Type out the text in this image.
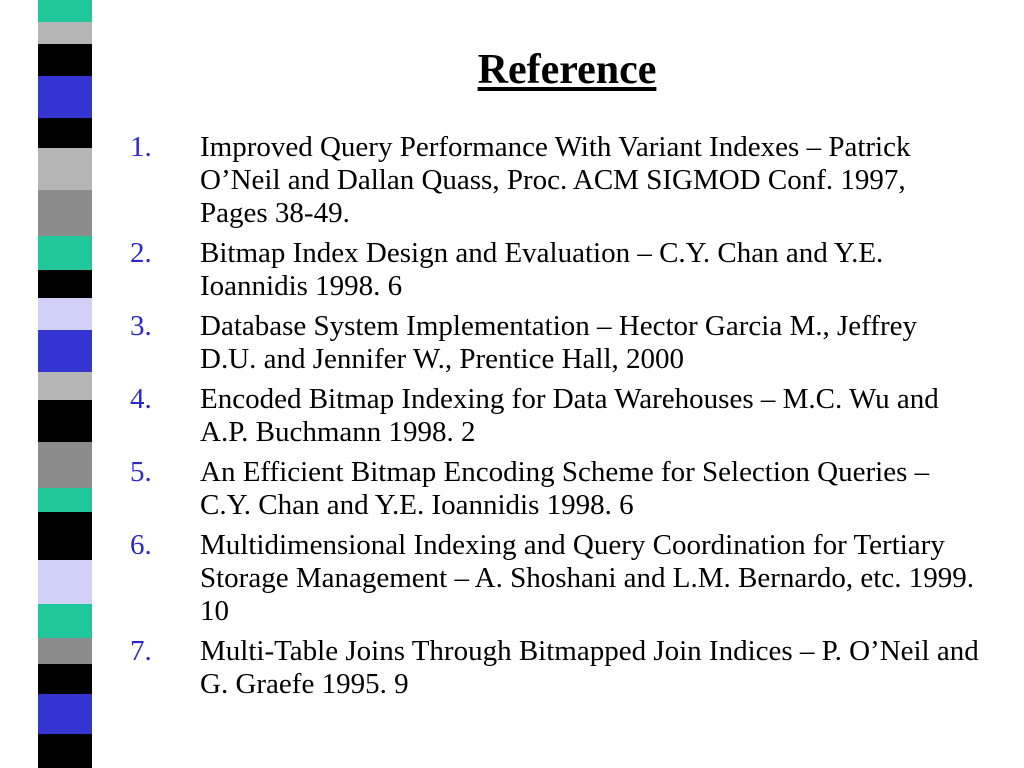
Reference
1.	Improved Query Performance With Variant Indexes – Patrick O’Neil and Dallan Quass, Proc. ACM SIGMOD Conf. 1997, Pages 38-49.
2.	Bitmap Index Design and Evaluation – C.Y. Chan and Y.E. Ioannidis 1998. 6
3.	Database System Implementation – Hector Garcia M., Jeffrey D.U. and Jennifer W., Prentice Hall, 2000
4.	Encoded Bitmap Indexing for Data Warehouses – M.C. Wu and A.P. Buchmann 1998. 2
5.	An Efficient Bitmap Encoding Scheme for Selection Queries – C.Y. Chan and Y.E. Ioannidis 1998. 6
6.	Multidimensional Indexing and Query Coordination for Tertiary Storage Management – A. Shoshani and L.M. Bernardo, etc. 1999. 10
7.	Multi-Table Joins Through Bitmapped Join Indices – P. O’Neil and G. Graefe 1995. 9
